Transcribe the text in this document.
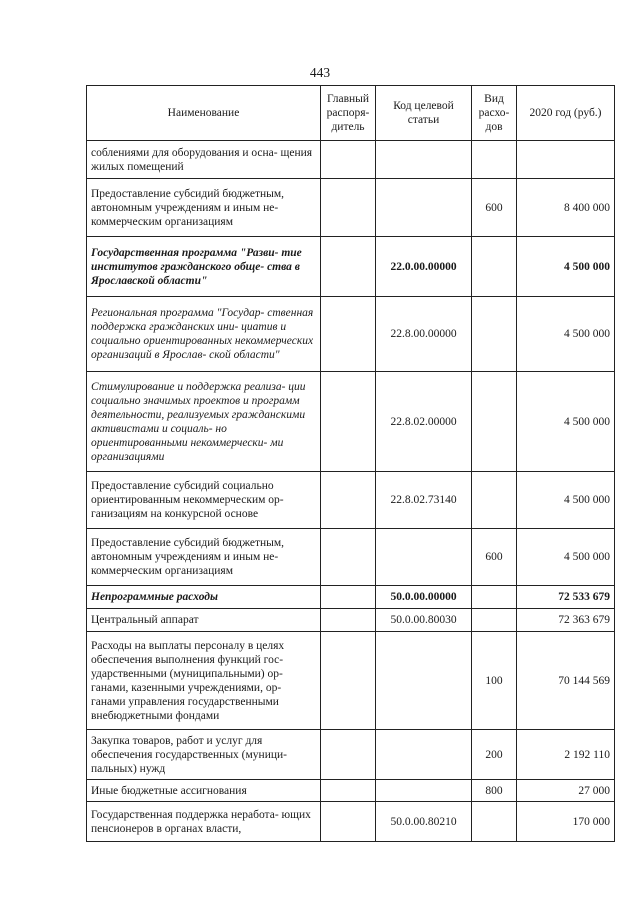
443
Наименование	Главный распоря- дитель	Код целевой статьи	Вид расхо- дов	2020 год (руб.)
соблениями для оборудования и осна- щения жилых помещений				
Предоставление субсидий бюджетным, автономным учреждениям и иным не- коммерческим организациям			600	8 400 000
Государственная программа "Разви- тие институтов гражданского обще- ства в Ярославской области"		22.0.00.00000		4 500 000
Региональная программа "Государ- ственная поддержка гражданских ини- циатив и социально ориентированных некоммерческих организаций в Ярослав- ской области"		22.8.00.00000		4 500 000
Стимулирование и поддержка реализа- ции социально значимых проектов и программ деятельности, реализуемых гражданскими активистами и социаль- но ориентированными некоммерчески- ми организациями		22.8.02.00000		4 500 000
Предоставление субсидий социально ориентированным некоммерческим ор- ганизациям на конкурсной основе		22.8.02.73140		4 500 000
Предоставление субсидий бюджетным, автономным учреждениям и иным не- коммерческим организациям			600	4 500 000
Непрограммные расходы		50.0.00.00000		72 533 679
Центральный аппарат		50.0.00.80030		72 363 679
Расходы на выплаты персоналу в целях обеспечения выполнения функций гос- ударственными (муниципальными) ор- ганами, казенными учреждениями, ор- ганами управления государственными внебюджетными фондами			100	70 144 569
Закупка товаров, работ и услуг для обеспечения государственных (муници- пальных) нужд			200	2 192 110
Иные бюджетные ассигнования			800	27 000
Государственная поддержка неработа- ющих пенсионеров в органах власти,		50.0.00.80210		170 000
